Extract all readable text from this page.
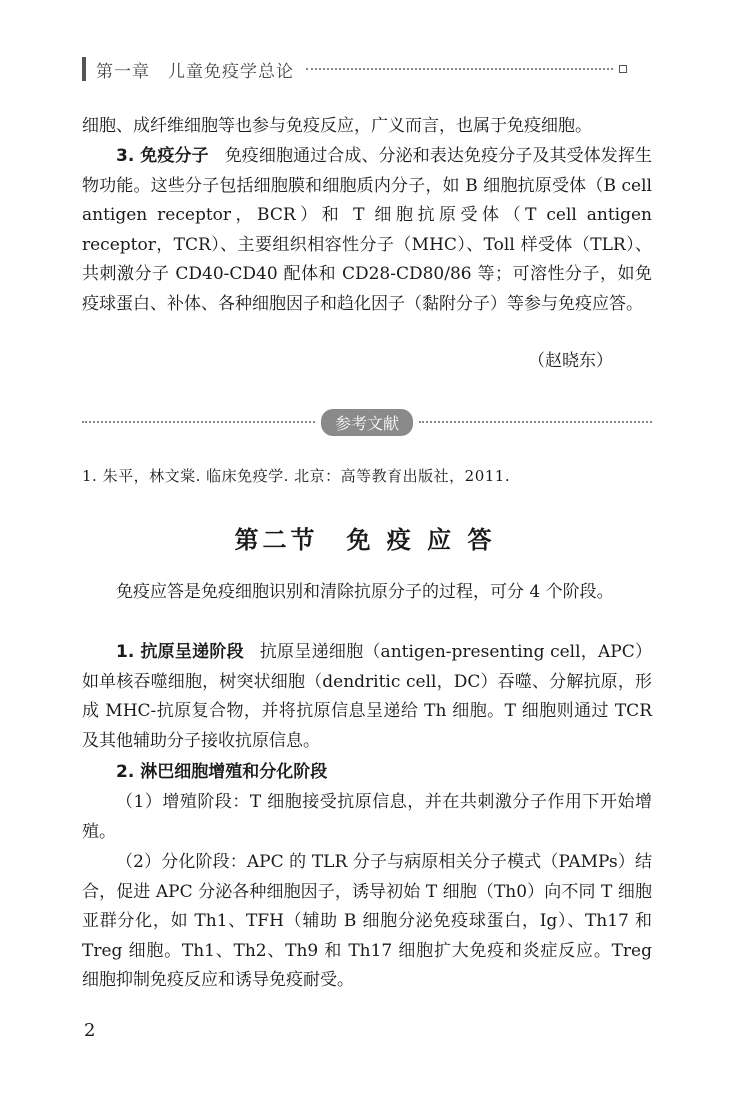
第一章　儿童免疫学总论

细胞、成纤维细胞等也参与免疫反应，广义而言，也属于免疫细胞。

3. 免疫分子 免疫细胞通过合成、分泌和表达免疫分子及其受体发挥生物功能。这些分子包括细胞膜和细胞质内分子，如 B 细胞抗原受体（B cell antigen receptor，BCR）和 T 细胞抗原受体（T cell antigen receptor，TCR）、主要组织相容性分子（MHC）、Toll 样受体（TLR）、共刺激分子 CD40-CD40 配体和 CD28-CD80/86 等；可溶性分子，如免疫球蛋白、补体、各种细胞因子和趋化因子（黏附分子）等参与免疫应答。

（赵晓东）
参考文献
1. 朱平，林文棠. 临床免疫学. 北京：高等教育出版社，2011.
第二节　免 疫 应 答

免疫应答是免疫细胞识别和清除抗原分子的过程，可分 4 个阶段。

1. 抗原呈递阶段 抗原呈递细胞（antigen-presenting cell，APC）如单核吞噬细胞，树突状细胞（dendritic cell，DC）吞噬、分解抗原，形成 MHC-抗原复合物，并将抗原信息呈递给 Th 细胞。T 细胞则通过 TCR 及其他辅助分子接收抗原信息。

2. 淋巴细胞增殖和分化阶段

（1）增殖阶段：T 细胞接受抗原信息，并在共刺激分子作用下开始增殖。

（2）分化阶段：APC 的 TLR 分子与病原相关分子模式（PAMPs）结合，促进 APC 分泌各种细胞因子，诱导初始 T 细胞（Th0）向不同 T 细胞亚群分化，如 Th1、TFH（辅助 B 细胞分泌免疫球蛋白，Ig）、Th17 和 Treg 细胞。Th1、Th2、Th9 和 Th17 细胞扩大免疫和炎症反应。Treg 细胞抑制免疫反应和诱导免疫耐受。

2
